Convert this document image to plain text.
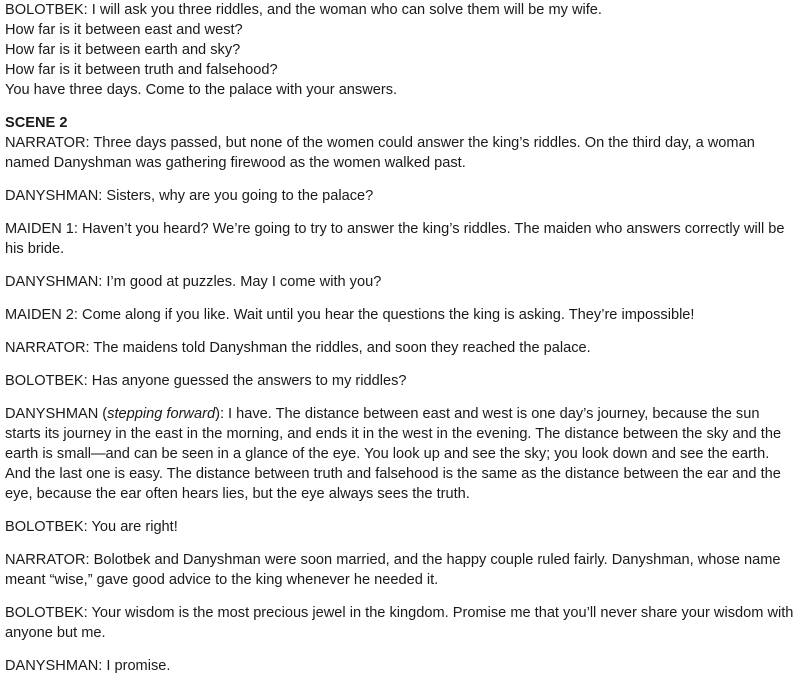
BOLOTBEK: I will ask you three riddles, and the woman who can solve them will be my wife.
How far is it between east and west?
How far is it between earth and sky?
How far is it between truth and falsehood?
You have three days. Come to the palace with your answers.
SCENE 2

NARRATOR: Three days passed, but none of the women could answer the king’s riddles. On the third day, a woman named Danyshman was gathering firewood as the women walked past.

DANYSHMAN: Sisters, why are you going to the palace?

MAIDEN 1: Haven’t you heard? We’re going to try to answer the king’s riddles. The maiden who answers correctly will be his bride.

DANYSHMAN: I’m good at puzzles. May I come with you?

MAIDEN 2: Come along if you like. Wait until you hear the questions the king is asking. They’re impossible!

NARRATOR: The maidens told Danyshman the riddles, and soon they reached the palace.

BOLOTBEK: Has anyone guessed the answers to my riddles?

DANYSHMAN (stepping forward): I have. The distance between east and west is one day’s journey, because the sun starts its journey in the east in the morning, and ends it in the west in the evening. The distance between the sky and the earth is small—and can be seen in a glance of the eye. You look up and see the sky; you look down and see the earth. And the last one is easy. The distance between truth and falsehood is the same as the distance between the ear and the eye, because the ear often hears lies, but the eye always sees the truth.

BOLOTBEK: You are right!

NARRATOR: Bolotbek and Danyshman were soon married, and the happy couple ruled fairly. Danyshman, whose name meant “wise,” gave good advice to the king whenever he needed it.

BOLOTBEK: Your wisdom is the most precious jewel in the kingdom. Promise me that you’ll never share your wisdom with anyone but me.

DANYSHMAN: I promise.
